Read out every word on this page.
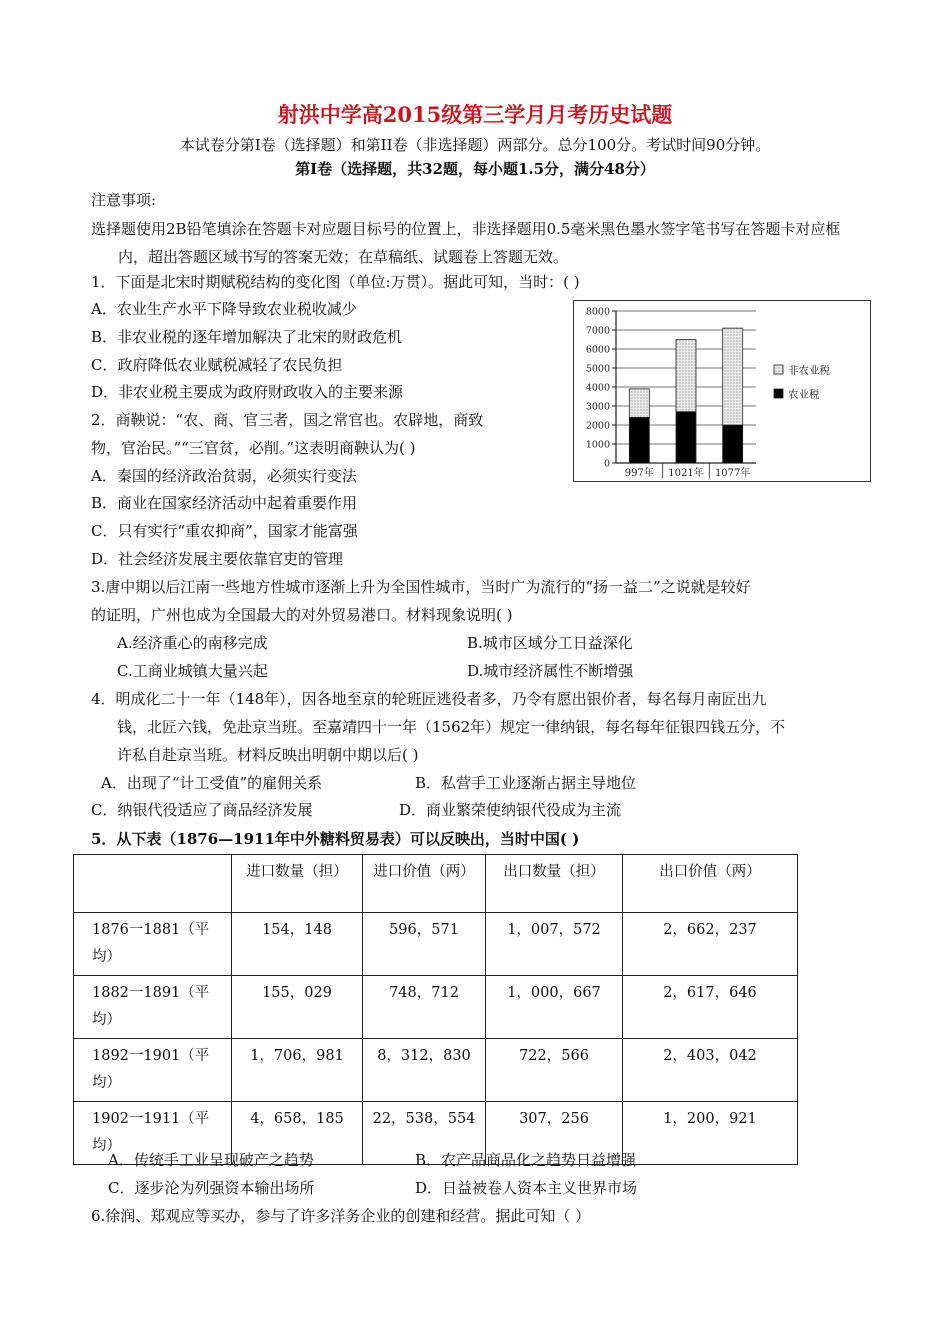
射洪中学高2015级第三学月月考历史试题
本试卷分第I卷（选择题）和第II卷（非选择题）两部分。总分100分。考试时间90分钟。
第I卷（选择题，共32题，每小题1.5分，满分48分）
注意事项:
选择题使用2B铅笔填涂在答题卡对应题目标号的位置上，非选择题用0.5毫米黑色墨水签字笔书写在答题卡对应框
内，超出答题区域书写的答案无效；在草稿纸、试题卷上答题无效。
1．下面是北宋时期赋税结构的变化图（单位:万贯）。据此可知，当时：( )
A．农业生产水平下降导致农业税收减少
B．非农业税的逐年增加解决了北宋的财政危机
C．政府降低农业赋税减轻了农民负担
D．非农业税主要成为政府财政收入的主要来源
0
1000
2000
3000
4000
5000
6000
7000
8000
997年 1021年 1077年
非农业税
农业税
2．商鞅说：“农、商、官三者，国之常官也。农辟地，商致
物，官治民。”“三官贫，必削。”这表明商鞅认为( )
A．秦国的经济政治贫弱，必须实行变法
B．商业在国家经济活动中起着重要作用
C．只有实行“重农抑商”，国家才能富强
D．社会经济发展主要依靠官吏的管理
3.唐中期以后江南一些地方性城市逐渐上升为全国性城市，当时广为流行的“扬一益二”之说就是较好
的证明，广州也成为全国最大的对外贸易港口。材料现象说明( )
A.经济重心的南移完成	B.城市区域分工日益深化
C.工商业城镇大量兴起	D.城市经济属性不断增强
4．明成化二十一年（148年），因各地至京的轮班匠逃役者多，乃令有愿出银价者，每名每月南匠出九
钱，北匠六钱，免赴京当班。至嘉靖四十一年（1562年）规定一律纳银，每名每年征银四钱五分，不
许私自赴京当班。材料反映出明朝中期以后( )
A．出现了“计工受值”的雇佣关系	B．私营手工业逐渐占据主导地位
C．纳银代役适应了商品经济发展	D．商业繁荣使纳银代役成为主流
5．从下表（1876—1911年中外糖料贸易表）可以反映出，当时中国( )
	进口数量（担）	进口价值（两）	出口数量（担）	出口价值（两）
1876一1881（平均）	154，148	596，571	1，007，572	2，662，237
1882一1891（平均）	155，029	748，712	1，000，667	2，617，646
1892一1901（平均）	1，706，981	8，312，830	722，566	2，403，042
1902一1911（平均）	4，658，185	22，538，554	307，256	1，200，921
A．传统手工业呈现破产之趋势	B．农产品商品化之趋势日益增强
C．逐步沦为列强资本输出场所	D．日益被卷人资本主义世界市场
6.徐润、郑观应等买办，参与了许多洋务企业的创建和经营。据此可知（ ）
